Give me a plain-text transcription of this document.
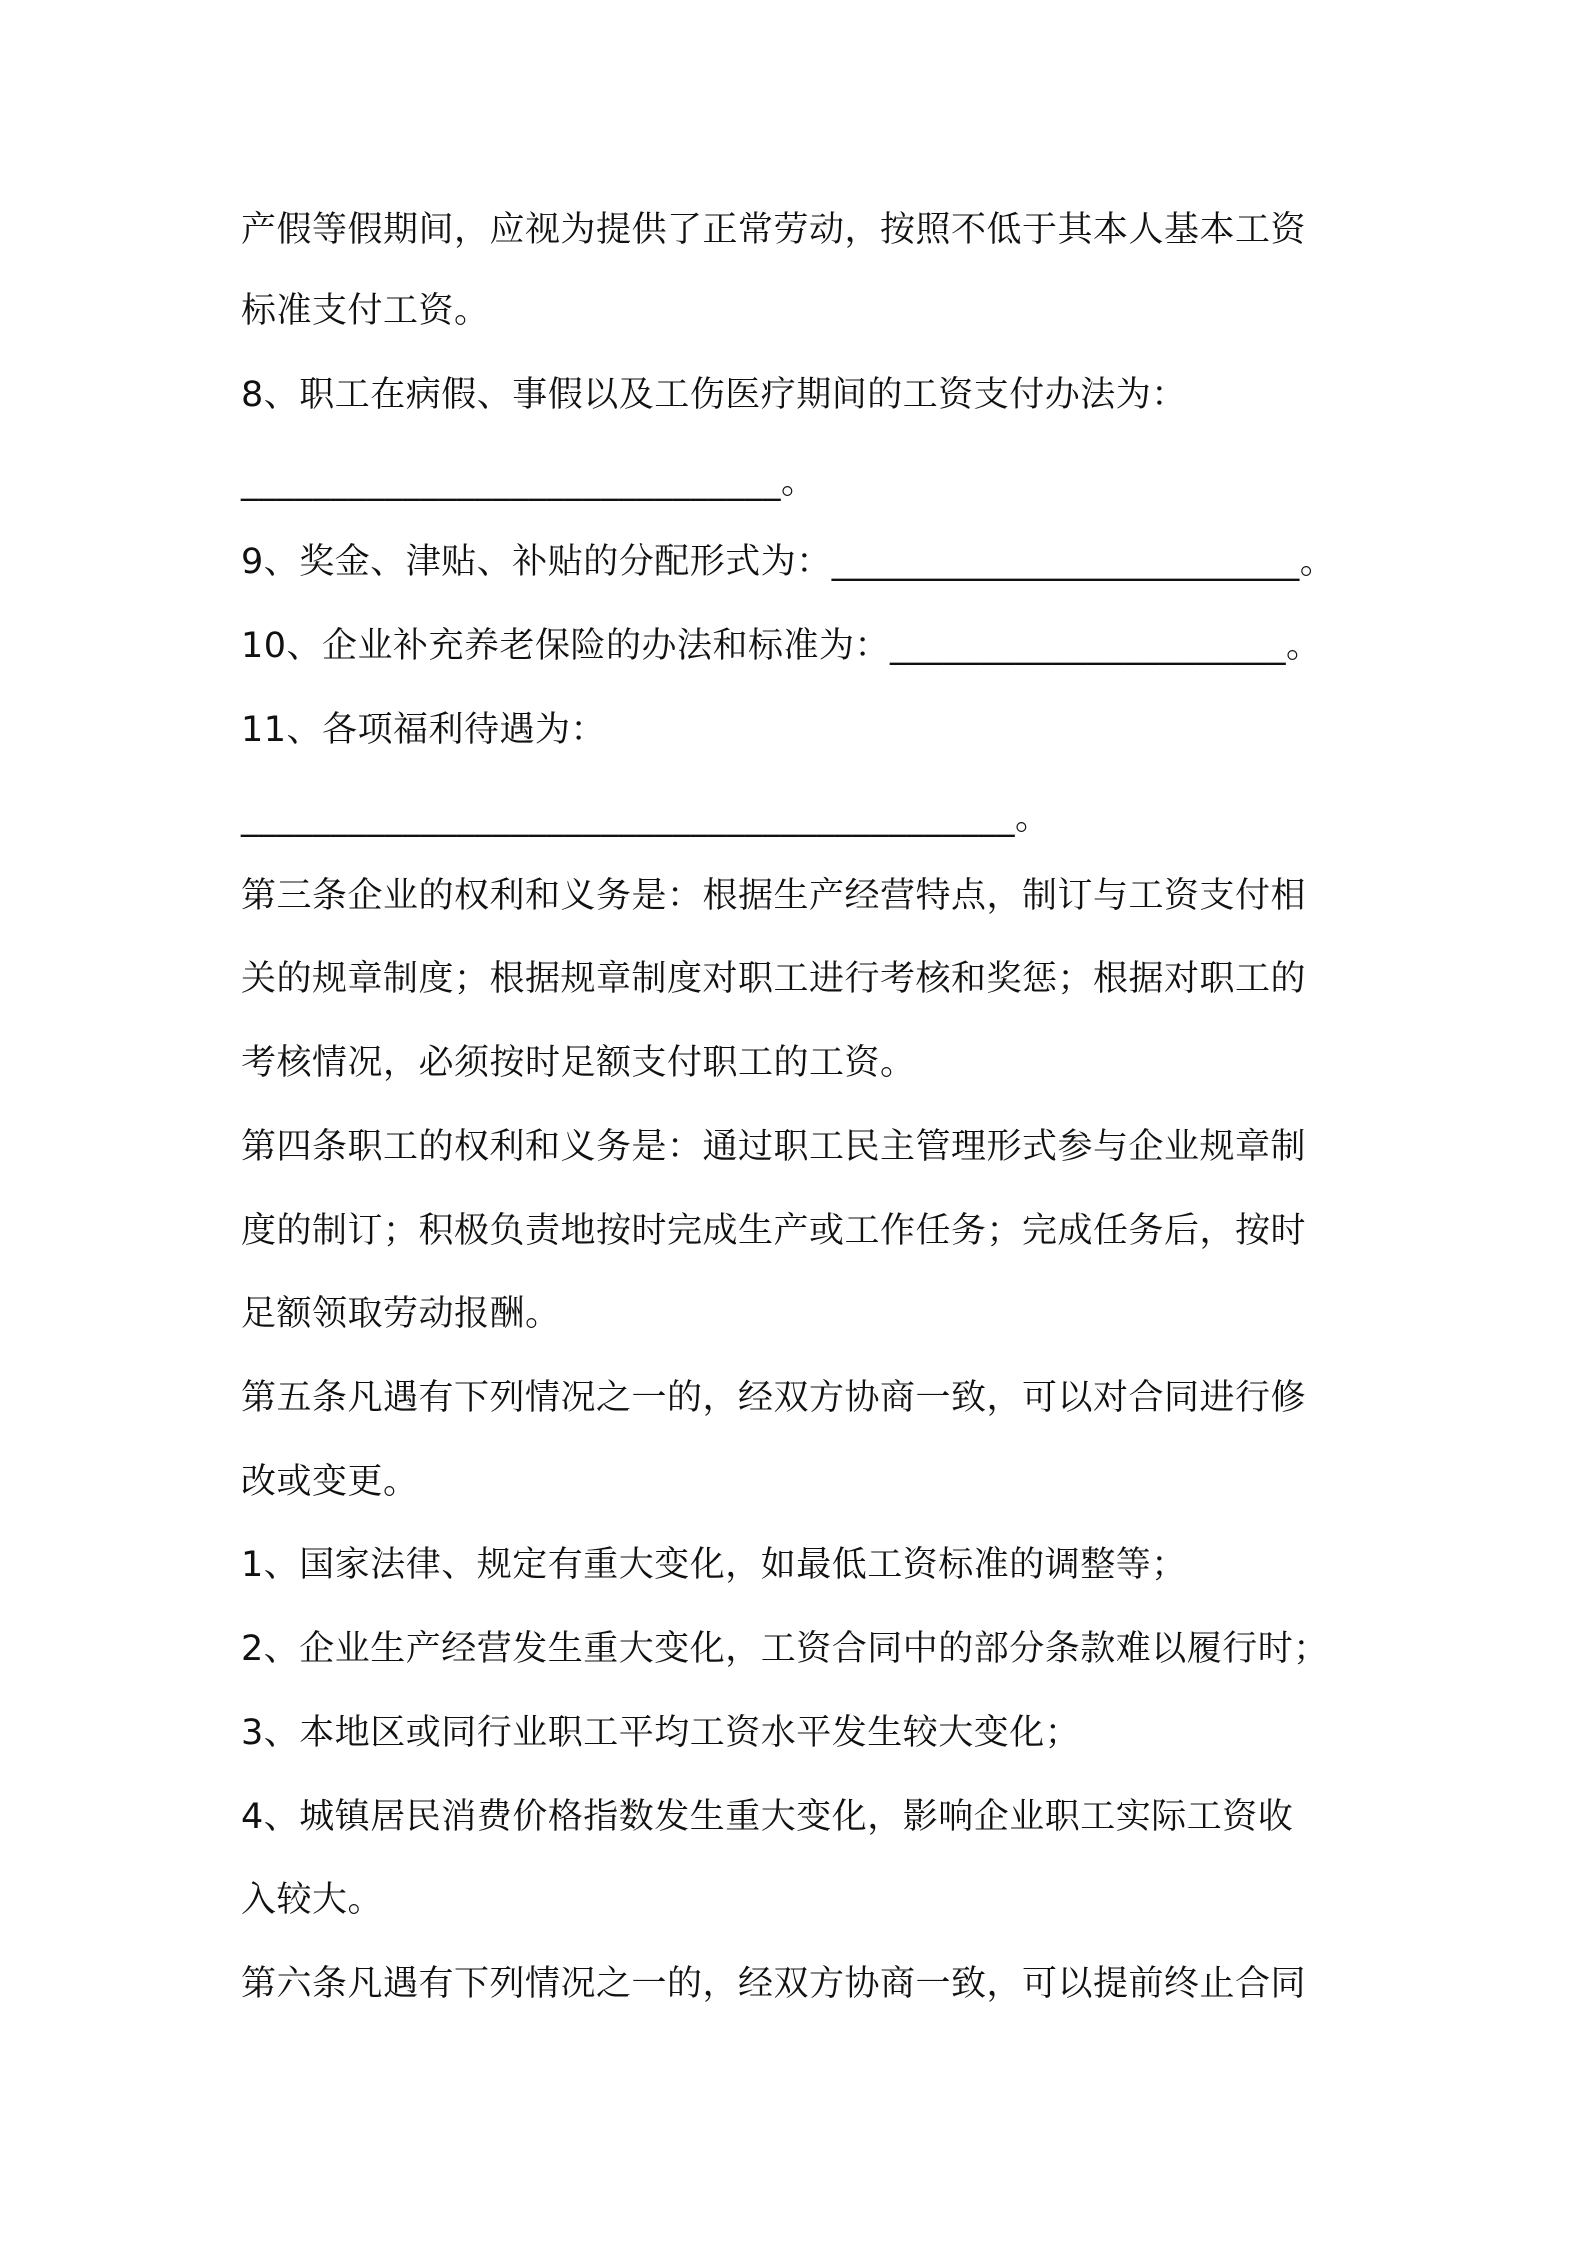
产假等假期间，应视为提供了正常劳动，按照不低于其本人基本工资
标准支付工资。
8、职工在病假、事假以及工伤医疗期间的工资支付办法为：
______________________________。
9、奖金、津贴、补贴的分配形式为：__________________________。
10、企业补充养老保险的办法和标准为：______________________。
11、各项福利待遇为：
___________________________________________。
第三条企业的权利和义务是：根据生产经营特点，制订与工资支付相
关的规章制度；根据规章制度对职工进行考核和奖惩；根据对职工的
考核情况，必须按时足额支付职工的工资。
第四条职工的权利和义务是：通过职工民主管理形式参与企业规章制
度的制订；积极负责地按时完成生产或工作任务；完成任务后，按时
足额领取劳动报酬。
第五条凡遇有下列情况之一的，经双方协商一致，可以对合同进行修
改或变更。
1、国家法律、规定有重大变化，如最低工资标准的调整等；
2、企业生产经营发生重大变化，工资合同中的部分条款难以履行时；
3、本地区或同行业职工平均工资水平发生较大变化；
4、城镇居民消费价格指数发生重大变化，影响企业职工实际工资收
入较大。
第六条凡遇有下列情况之一的，经双方协商一致，可以提前终止合同
